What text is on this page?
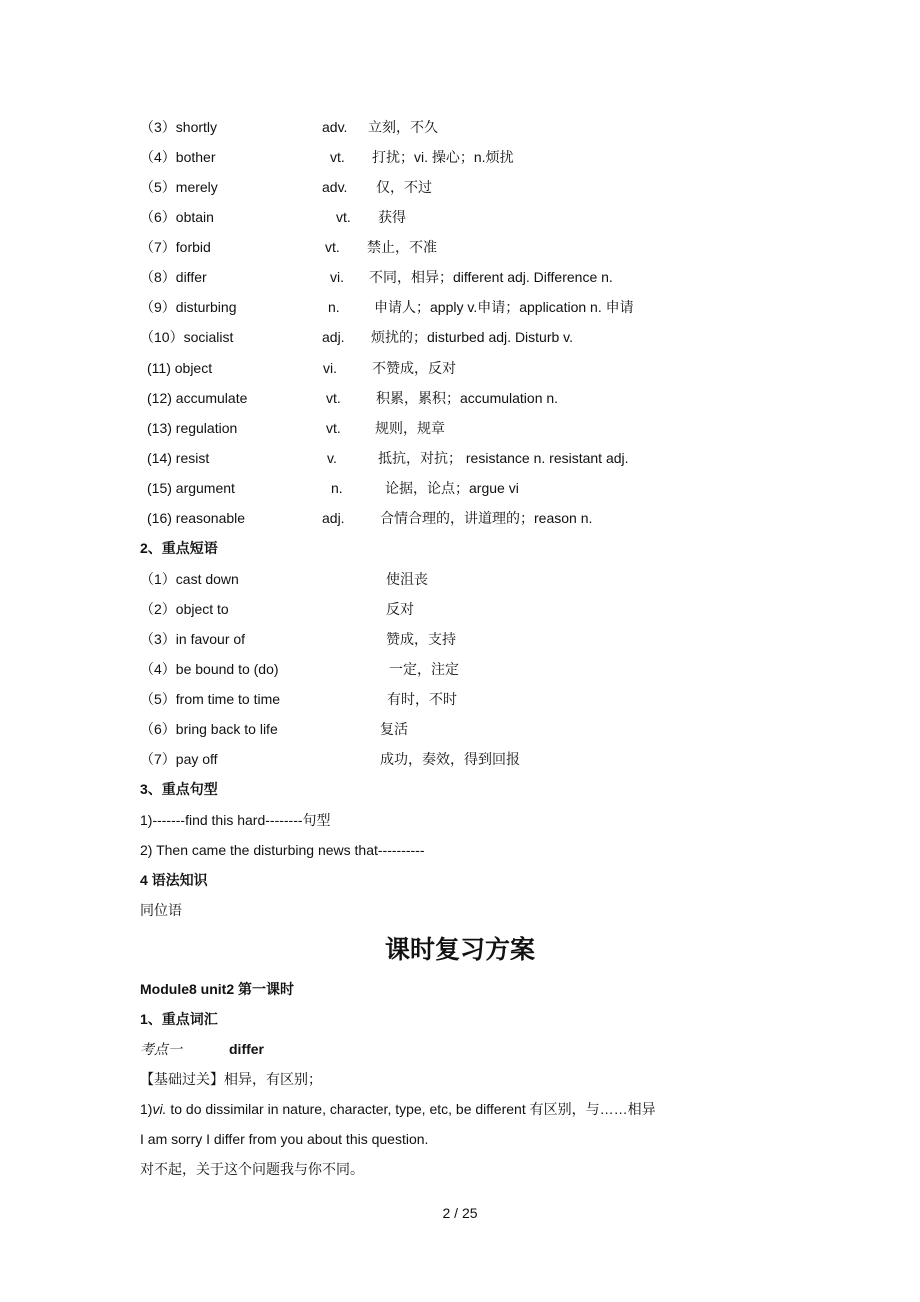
（3）shortly	adv. 立刻，不久
（4）bother	vt. 打扰；vi. 操心；n.烦扰
（5）merely	adv. 仅，不过
（6）obtain	vt. 获得
（7）forbid	vt. 禁止，不准
（8）differ	vi. 不同，相异；different adj. Difference n.
（9）disturbing	n. 申请人；apply v.申请；application n. 申请
（10）socialist	adj. 烦扰的；disturbed adj. Disturb v.
(11) object	vi.	不赞成，反对
(12) accumulate	vt.	积累，累积；accumulation n.
(13) regulation	vt. 规则，规章
(14) resist	v.	抵抗，对抗； resistance n. resistant adj.
(15) argument	n.	论据，论点；argue vi
(16) reasonable	adj.	合情合理的，讲道理的；reason n.
2、重点短语
（1）cast down	使沮丧
（2）object to	反对
（3）in favour of	赞成，支持
（4）be bound to (do)	一定，注定
（5）from time to time	有时，不时
（6）bring back to life	复活
（7）pay off	成功，奏效，得到回报
3、重点句型
1)-------find this hard--------句型
2) Then came the disturbing news that----------
4 语法知识
同位语
课时复习方案
Module8 unit2 第一课时
1、重点词汇
考点一	differ
【基础过关】相异，有区别；
1)vi. to do dissimilar in nature, character, type, etc, be different 有区别，与……相异
I am sorry I differ from you about this question.
对不起，关于这个问题我与你不同。
2 / 25
